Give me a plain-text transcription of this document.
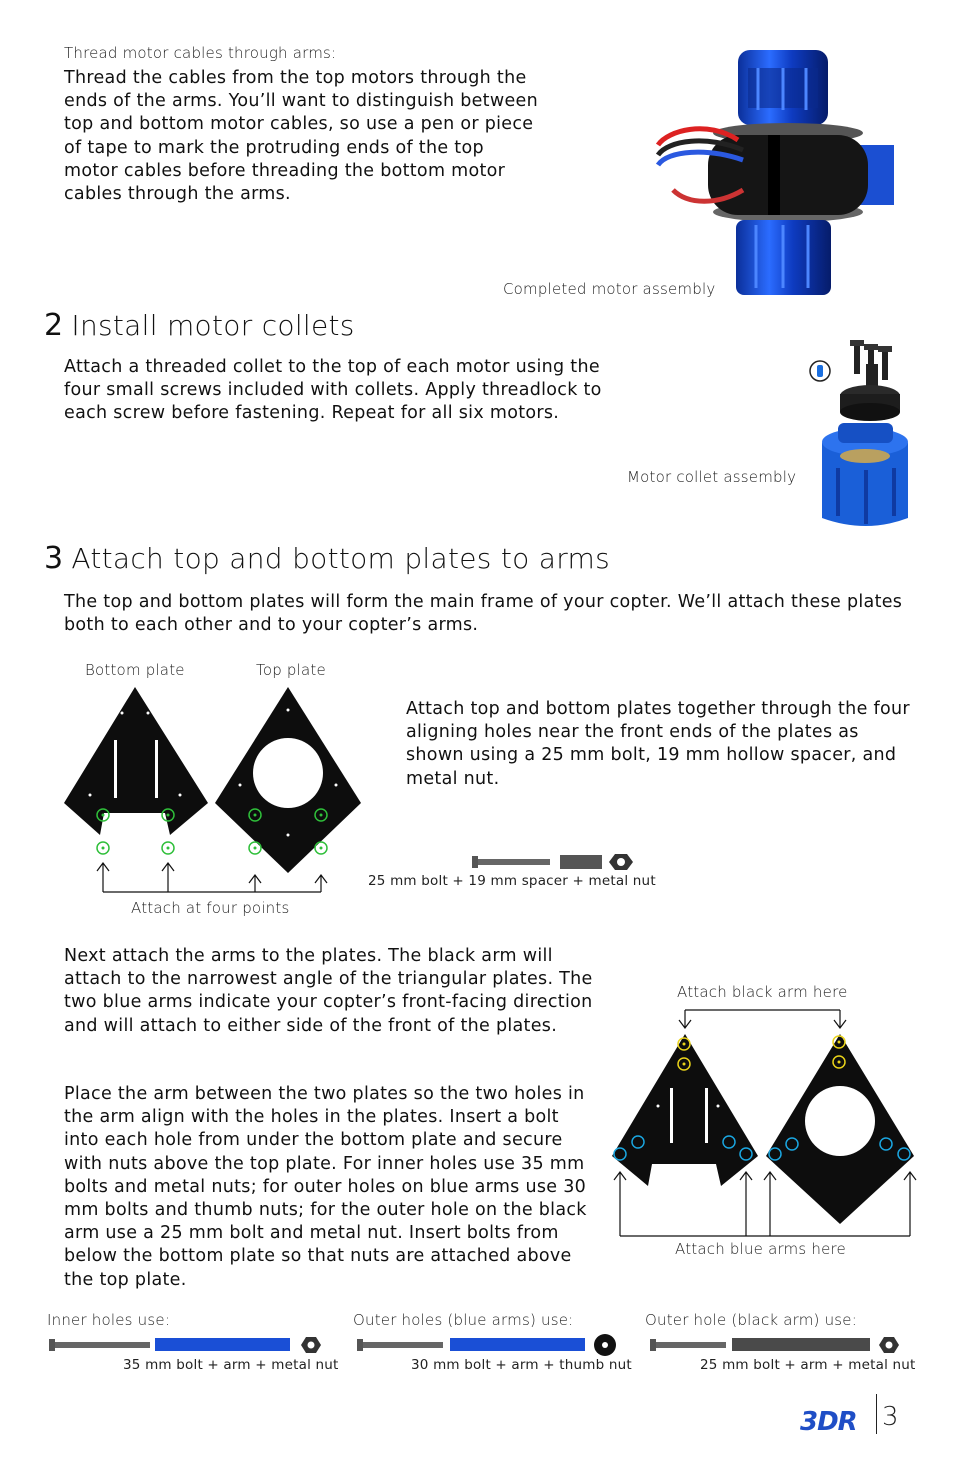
Thread motor cables through arms:
Thread the cables from the top motors through the ends of the arms. You’ll want to distinguish between top and bottom motor cables, so use a pen or piece of tape to mark the protruding ends of the top motor cables before threading the bottom motor cables through the arms.
Completed motor assembly
2 Install motor collets
Attach a threaded collet to the top of each motor using the four small screws included with collets. Apply threadlock to each screw before fastening. Repeat for all six motors.
Motor collet assembly
3 Attach top and bottom plates to arms
The top and bottom plates will form the main frame of your copter. We’ll attach these plates both to each other and to your copter’s arms.
Bottom plate	Top plate
Attach at four points
Attach top and bottom plates together through the four aligning holes near the front ends of the plates as shown using a 25 mm bolt, 19 mm hollow spacer, and metal nut.
25 mm bolt + 19 mm spacer + metal nut
Next attach the arms to the plates. The black arm will attach to the narrowest angle of the triangular plates. The two blue arms indicate your copter’s front-facing direction and will attach to either side of the front of the plates.
Place the arm between the two plates so the two holes in the arm align with the holes in the plates. Insert a bolt into each hole from under the bottom plate and secure with nuts above the top plate. For inner holes use 35 mm bolts and metal nuts; for outer holes on blue arms use 30 mm bolts and thumb nuts; for the outer hole on the black arm use a 25 mm bolt and metal nut. Insert bolts from below the bottom plate so that nuts are attached above the top plate.
Attach black arm here
Attach blue arms here
Inner holes use:
35 mm bolt + arm + metal nut
Outer holes (blue arms) use:
30 mm bolt + arm + thumb nut
Outer hole (black arm) use:
25 mm bolt + arm + metal nut
3DR 3
